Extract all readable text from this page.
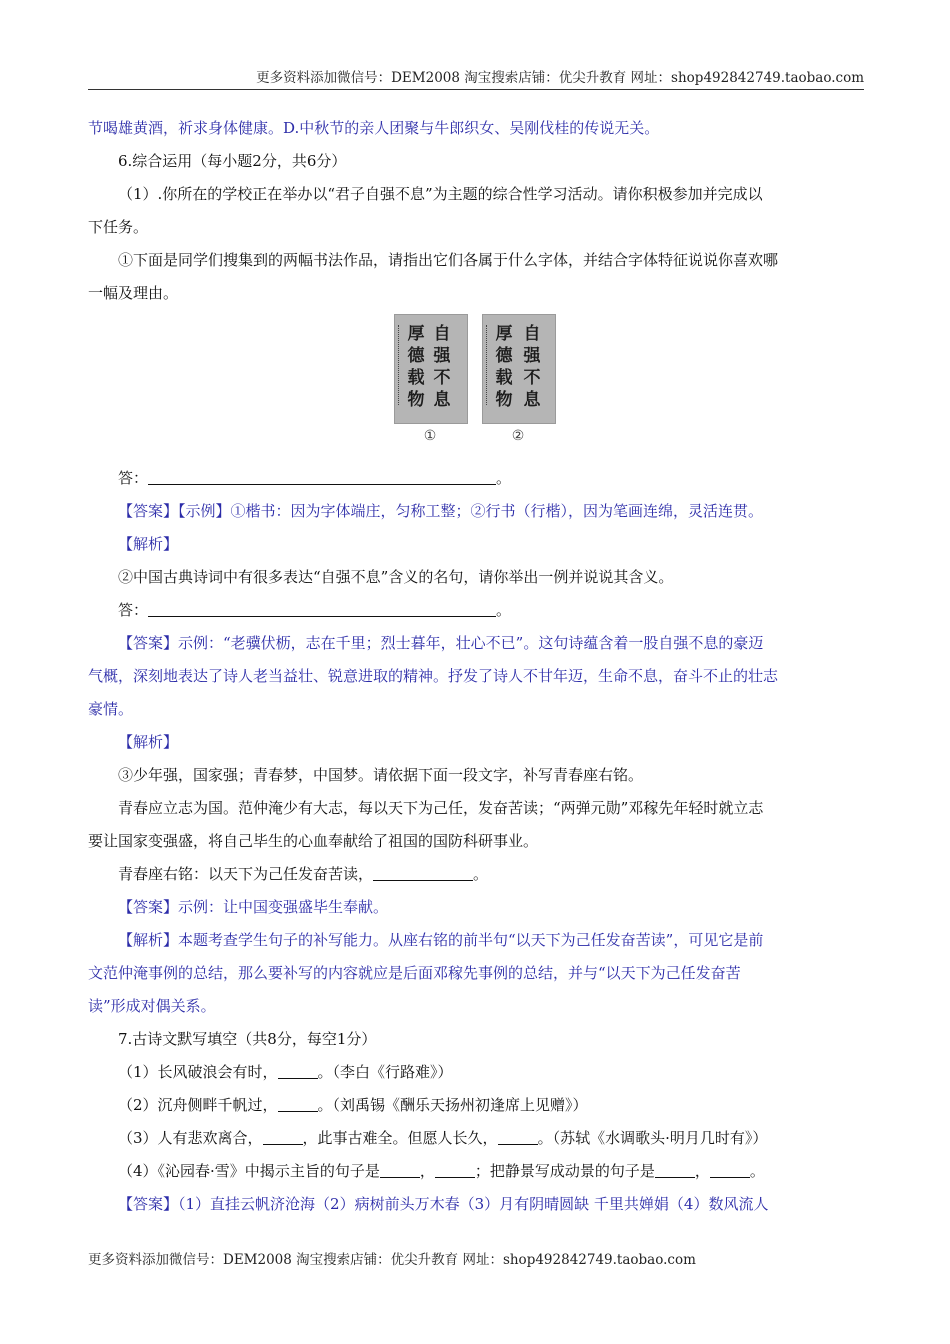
更多资料添加微信号：DEM2008 淘宝搜索店铺：优尖升教育 网址：shop492842749.taobao.com
节喝雄黄酒，祈求身体健康。D.中秋节的亲人团聚与牛郎织女、吴刚伐桂的传说无关。
6.综合运用（每小题2分，共6分）
（1）.你所在的学校正在举办以“君子自强不息”为主题的综合性学习活动。请你积极参加并完成以
下任务。
①下面是同学们搜集到的两幅书法作品，请指出它们各属于什么字体，并结合字体特征说说你喜欢哪
一幅及理由。
厚
德
载
物
自
强
不
息
①
厚
德
载
物
自
强
不
息
②
答：	。
【答案】【示例】①楷书：因为字体端庄，匀称工整；②行书（行楷），因为笔画连绵，灵活连贯。
【解析】
②中国古典诗词中有很多表达“自强不息”含义的名句，请你举出一例并说说其含义。
答：	。
【答案】示例：“老骥伏枥，志在千里；烈士暮年，壮心不已”。这句诗蕴含着一股自强不息的豪迈
气概，深刻地表达了诗人老当益壮、锐意进取的精神。抒发了诗人不甘年迈，生命不息，奋斗不止的壮志
豪情。
【解析】
③少年强，国家强；青春梦，中国梦。请依据下面一段文字，补写青春座右铭。
青春应立志为国。范仲淹少有大志，每以天下为己任，发奋苦读；“两弹元勋”邓稼先年轻时就立志
要让国家变强盛，将自己毕生的心血奉献给了祖国的国防科研事业。
青春座右铭：以天下为己任发奋苦读，	。
【答案】示例：让中国变强盛毕生奉献。
【解析】本题考查学生句子的补写能力。从座右铭的前半句“以天下为己任发奋苦读”，可见它是前
文范仲淹事例的总结，那么要补写的内容就应是后面邓稼先事例的总结，并与“以天下为己任发奋苦
读”形成对偶关系。
7.古诗文默写填空（共8分，每空1分）
（1）长风破浪会有时，	。（李白《行路难》）
（2）沉舟侧畔千帆过，	。（刘禹锡《酬乐天扬州初逢席上见赠》）
（3）人有悲欢离合，	，此事古难全。但愿人长久，	。（苏轼《水调歌头·明月几时有》）
（4）《沁园春·雪》中揭示主旨的句子是	，	；把静景写成动景的句子是	，	。
【答案】（1）直挂云帆济沧海（2）病树前头万木春（3）月有阴晴圆缺 千里共婵娟（4）数风流人
更多资料添加微信号：DEM2008 淘宝搜索店铺：优尖升教育 网址：shop492842749.taobao.com
